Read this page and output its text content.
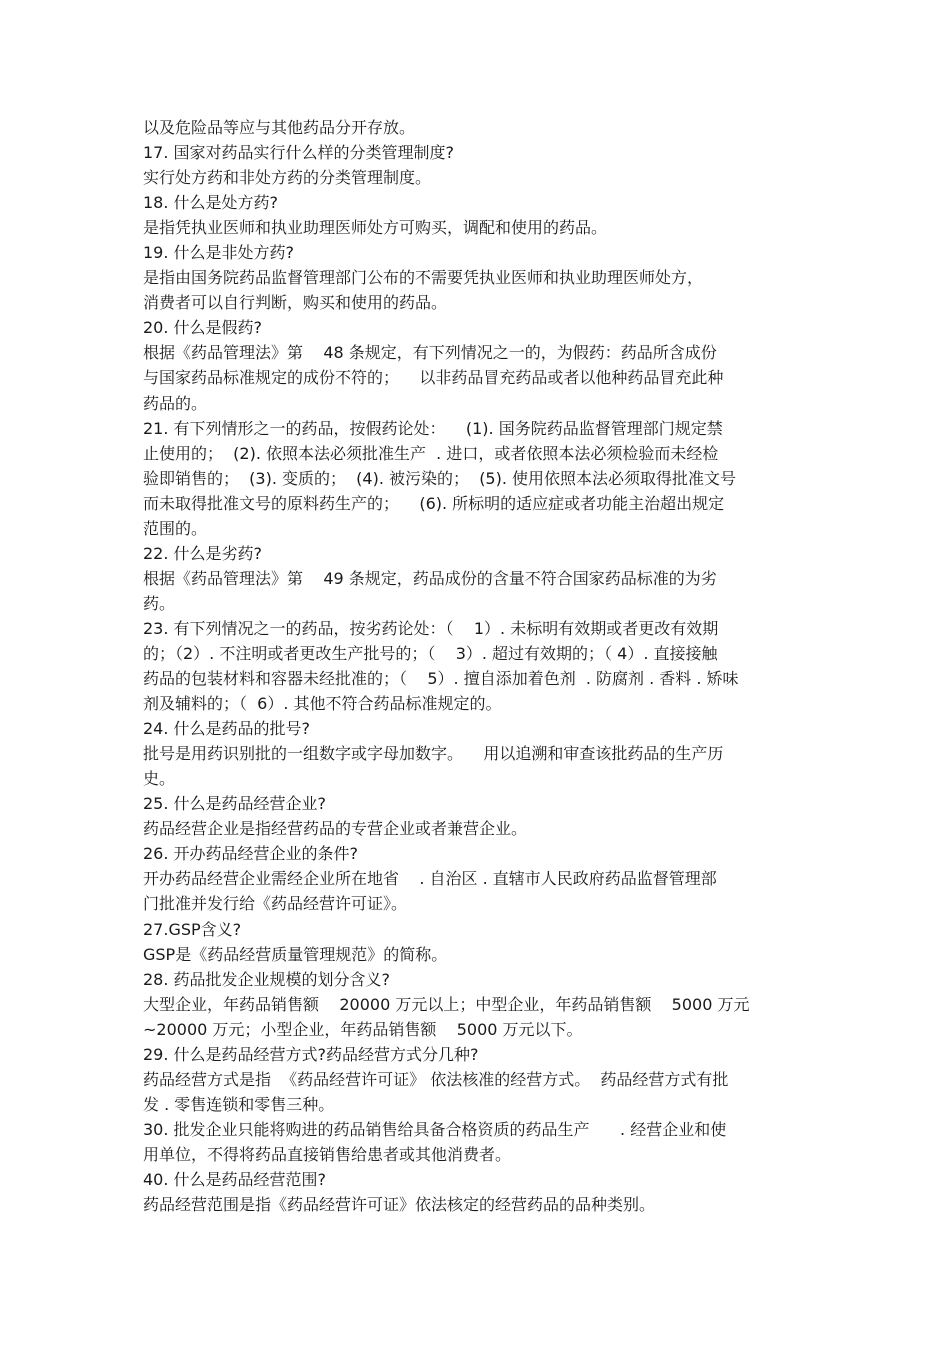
以及危险品等应与其他药品分开存放。
17. 国家对药品实行什么样的分类管理制度?
实行处方药和非处方药的分类管理制度。
18. 什么是处方药?
是指凭执业医师和执业助理医师处方可购买，调配和使用的药品。
19. 什么是非处方药?
是指由国务院药品监督管理部门公布的不需要凭执业医师和执业助理医师处方，
消费者可以自行判断，购买和使用的药品。
20. 什么是假药?
根据《药品管理法》第    48 条规定，有下列情况之一的，为假药：药品所含成份
与国家药品标准规定的成份不符的；    以非药品冒充药品或者以他种药品冒充此种
药品的。
21. 有下列情形之一的药品，按假药论处：    (1). 国务院药品监督管理部门规定禁
止使用的；  (2). 依照本法必须批准生产  . 进口，或者依照本法必须检验而未经检
验即销售的；  (3). 变质的；  (4). 被污染的；  (5). 使用依照本法必须取得批准文号
而未取得批准文号的原料药生产的；    (6). 所标明的适应症或者功能主治超出规定
范围的。
22. 什么是劣药?
根据《药品管理法》第    49 条规定，药品成份的含量不符合国家药品标准的为劣
药。
23. 有下列情况之一的药品，按劣药论处：（    1）. 未标明有效期或者更改有效期
的；（2）. 不注明或者更改生产批号的；（    3）. 超过有效期的；（ 4）. 直接接触
药品的包装材料和容器未经批准的；（    5）. 擅自添加着色剂  . 防腐剂 . 香料 . 矫味
剂及辅料的；（  6）. 其他不符合药品标准规定的。
24. 什么是药品的批号?
批号是用药识别批的一组数字或字母加数字。    用以追溯和审查该批药品的生产历
史。
25. 什么是药品经营企业?
药品经营企业是指经营药品的专营企业或者兼营企业。
26. 开办药品经营企业的条件?
开办药品经营企业需经企业所在地省    . 自治区 . 直辖市人民政府药品监督管理部
门批准并发行给《药品经营许可证》。
27.GSP含义?
GSP是《药品经营质量管理规范》的简称。
28. 药品批发企业规模的划分含义?
大型企业，年药品销售额    20000 万元以上；中型企业，年药品销售额    5000 万元
~20000 万元；小型企业，年药品销售额    5000 万元以下。
29. 什么是药品经营方式?药品经营方式分几种?
药品经营方式是指  《药品经营许可证》 依法核准的经营方式。  药品经营方式有批
发 . 零售连锁和零售三种。
30. 批发企业只能将购进的药品销售给具备合格资质的药品生产      . 经营企业和使
用单位，不得将药品直接销售给患者或其他消费者。
40. 什么是药品经营范围?
药品经营范围是指《药品经营许可证》依法核定的经营药品的品种类别。
